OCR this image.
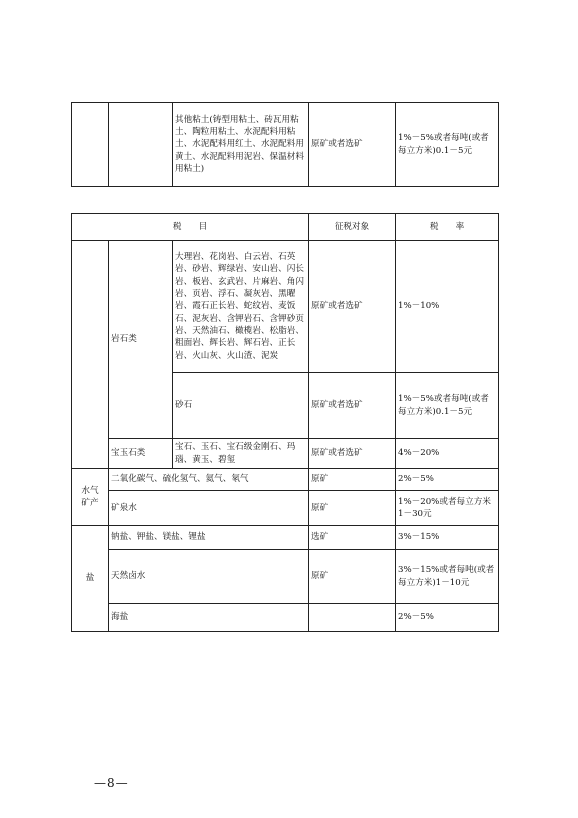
		其他粘土(铸型用粘土、砖瓦用粘土、陶粒用粘土、水泥配料用粘土、水泥配料用红土、水泥配料用黄土、水泥配料用泥岩、保温材料用粘土)	原矿或者选矿	1%－5%或者每吨(或者每立方米)0.1－5元
税　　目			征税对象	税　　率
	岩石类	大理岩、花岗岩、白云岩、石英岩、砂岩、辉绿岩、安山岩、闪长岩、板岩、玄武岩、片麻岩、角闪岩、页岩、浮石、凝灰岩、黑曜岩、霞石正长岩、蛇纹岩、麦饭石、泥灰岩、含钾岩石、含钾砂页岩、天然油石、橄榄岩、松脂岩、粗面岩、辉长岩、辉石岩、正长岩、火山灰、火山渣、泥炭	原矿或者选矿	1%－10%
		砂石	原矿或者选矿	1%－5%或者每吨(或者每立方米)0.1－5元
	宝玉石类	宝石、玉石、宝石级金刚石、玛瑙、黄玉、碧玺	原矿或者选矿	4%－20%
水气矿产	二氧化碳气、硫化氢气、氦气、氡气		原矿	2%－5%
	矿泉水		原矿	1%－20%或者每立方米1－30元
盐	钠盐、钾盐、镁盐、锂盐		选矿	3%－15%
	天然卤水		原矿	3%－15%或者每吨(或者每立方米)1－10元
	海盐			2%－5%
—8—
